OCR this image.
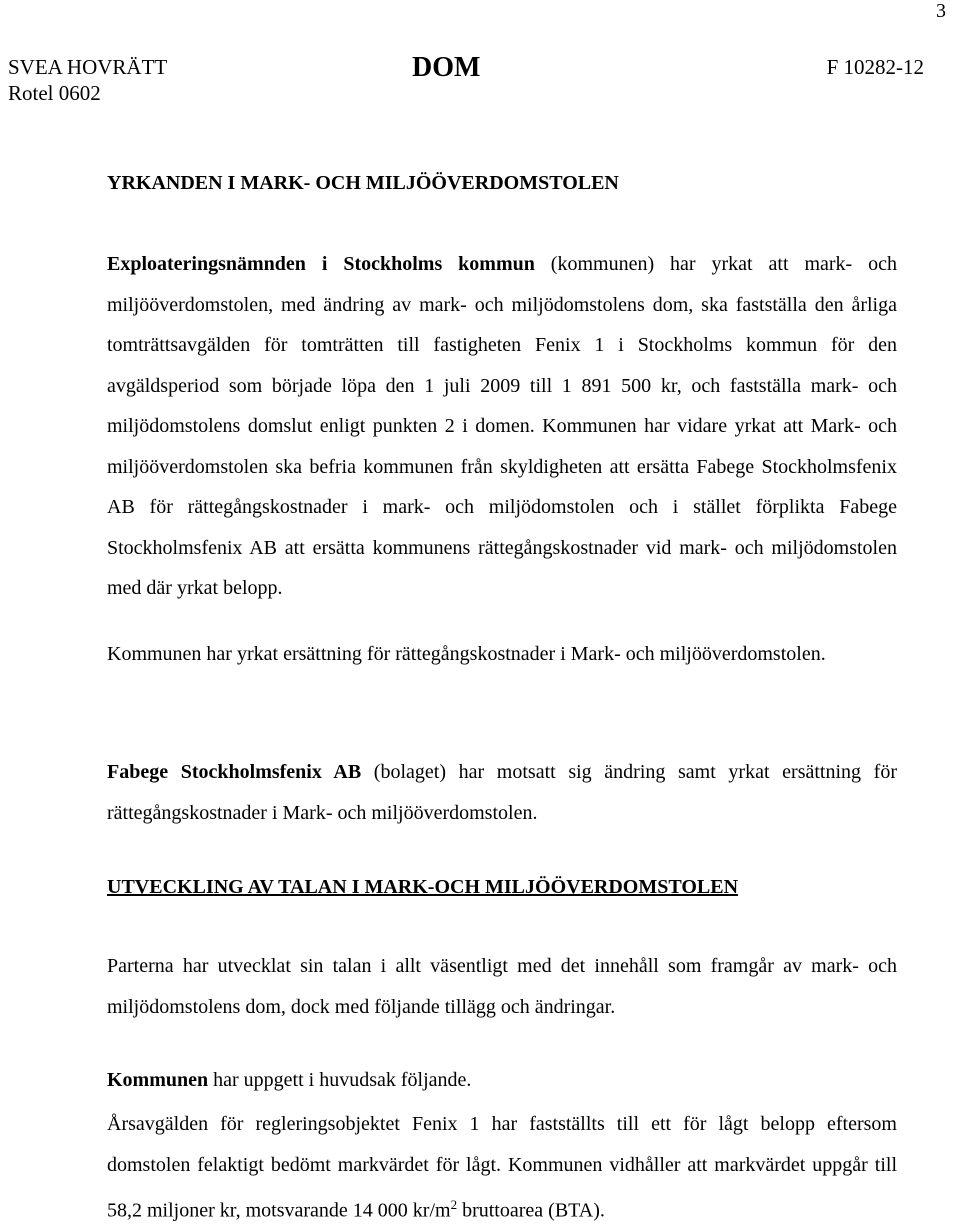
3
SVEA HOVRÄTT
Rotel 0602
DOM	F 10282-12
YRKANDEN I MARK- OCH MILJÖÖVERDOMSTOLEN
Exploateringsnämnden i Stockholms kommun (kommunen) har yrkat att mark- och miljööverdomstolen, med ändring av mark- och miljödomstolens dom, ska fastställa den årliga tomträttsavgälden för tomträtten till fastigheten Fenix 1 i Stockholms kommun för den avgäldsperiod som började löpa den 1 juli 2009 till 1 891 500 kr, och fastställa mark- och miljödomstolens domslut enligt punkten 2 i domen. Kommunen har vidare yrkat att Mark- och miljööverdomstolen ska befria kommunen från skyldigheten att ersätta Fabege Stockholmsfenix AB för rättegångskostnader i mark- och miljödomstolen och i stället förplikta Fabege Stockholmsfenix AB att ersätta kommunens rättegångskostnader vid mark- och miljödomstolen med där yrkat belopp.
Kommunen har yrkat ersättning för rättegångskostnader i Mark- och miljööverdomstolen.
Fabege Stockholmsfenix AB (bolaget) har motsatt sig ändring samt yrkat ersättning för rättegångskostnader i Mark- och miljööverdomstolen.
UTVECKLING AV TALAN I MARK-OCH MILJÖÖVERDOMSTOLEN
Parterna har utvecklat sin talan i allt väsentligt med det innehåll som framgår av mark- och miljödomstolens dom, dock med följande tillägg och ändringar.
Kommunen har uppgett i huvudsak följande.
Årsavgälden för regleringsobjektet Fenix 1 har fastställts till ett för lågt belopp eftersom domstolen felaktigt bedömt markvärdet för lågt. Kommunen vidhåller att markvärdet uppgår till 58,2 miljoner kr, motsvarande 14 000 $kr/m^2$ bruttoarea (BTA).
